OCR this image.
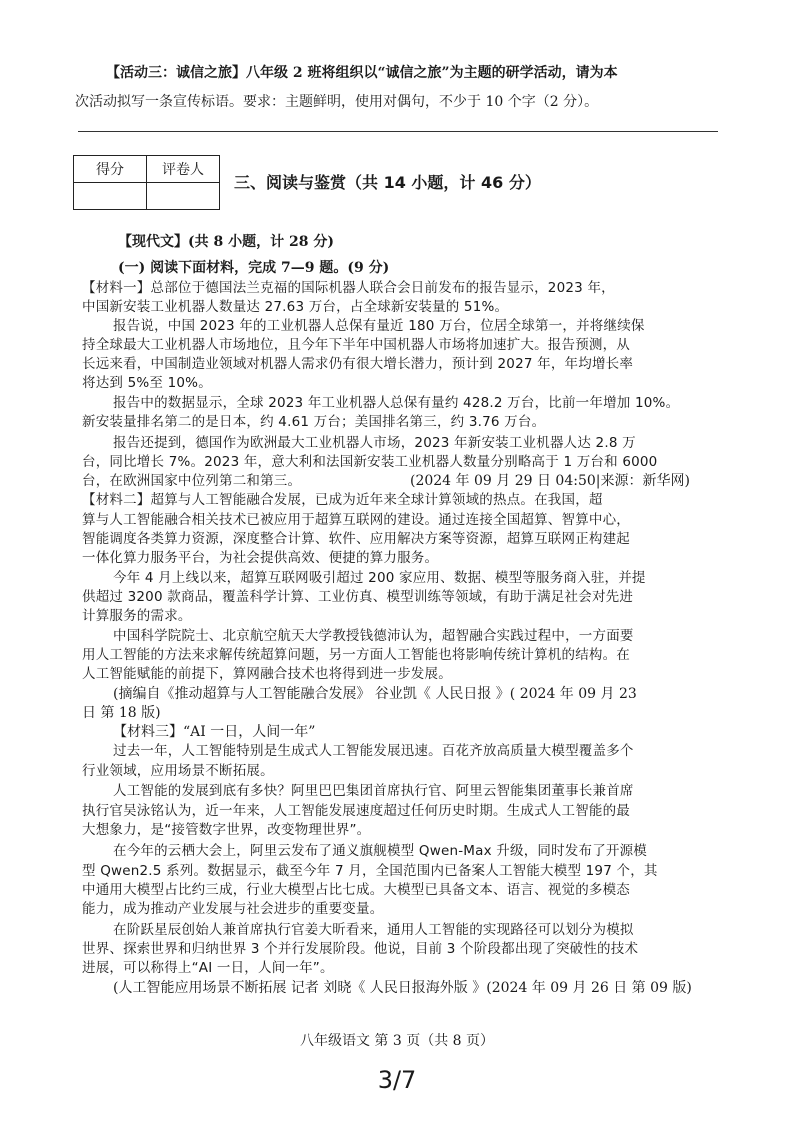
【活动三：诚信之旅】八年级 2 班将组织以“诚信之旅”为主题的研学活动，请为本
次活动拟写一条宣传标语。要求：主题鲜明，使用对偶句，不少于 10 个字（2 分）。
得分	评卷人

三、阅读与鉴赏（共 14 小题，计 46 分）
【现代文】(共 8 小题，计 28 分)
(一) 阅读下面材料，完成 7—9 题。(9 分)
【材料一】总部位于德国法兰克福的国际机器人联合会日前发布的报告显示，2023 年，
中国新安装工业机器人数量达 27.63 万台，占全球新安装量的 51%。
报告说，中国 2023 年的工业机器人总保有量近 180 万台，位居全球第一，并将继续保
持全球最大工业机器人市场地位，且今年下半年中国机器人市场将加速扩大。报告预测，从
长远来看，中国制造业领域对机器人需求仍有很大增长潜力，预计到 2027 年，年均增长率
将达到 5%至 10%。
报告中的数据显示，全球 2023 年工业机器人总保有量约 428.2 万台，比前一年增加 10%。
新安装量排名第二的是日本，约 4.61 万台；美国排名第三，约 3.76 万台。
报告还提到，德国作为欧洲最大工业机器人市场，2023 年新安装工业机器人达 2.8 万
台，同比增长 7%。2023 年，意大利和法国新安装工业机器人数量分别略高于 1 万台和 6000
台，在欧洲国家中位列第二和第三。	(2024 年 09 月 29 日 04:50|来源：新华网)
【材料二】超算与人工智能融合发展，已成为近年来全球计算领域的热点。在我国，超
算与人工智能融合相关技术已被应用于超算互联网的建设。通过连接全国超算、智算中心，
智能调度各类算力资源，深度整合计算、软件、应用解决方案等资源，超算互联网正构建起
一体化算力服务平台，为社会提供高效、便捷的算力服务。
今年 4 月上线以来，超算互联网吸引超过 200 家应用、数据、模型等服务商入驻，并提
供超过 3200 款商品，覆盖科学计算、工业仿真、模型训练等领域，有助于满足社会对先进
计算服务的需求。
中国科学院院士、北京航空航天大学教授钱德沛认为，超智融合实践过程中，一方面要
用人工智能的方法来求解传统超算问题，另一方面人工智能也将影响传统计算机的结构。在
人工智能赋能的前提下，算网融合技术也将得到进一步发展。
(摘编自《推动超算与人工智能融合发展》 谷业凯《 人民日报 》( 2024 年 09 月 23
日 第 18 版)
【材料三】“AI 一日，人间一年”
过去一年，人工智能特别是生成式人工智能发展迅速。百花齐放高质量大模型覆盖多个
行业领域，应用场景不断拓展。
人工智能的发展到底有多快？阿里巴巴集团首席执行官、阿里云智能集团董事长兼首席
执行官吴泳铭认为，近一年来，人工智能发展速度超过任何历史时期。生成式人工智能的最
大想象力，是“接管数字世界，改变物理世界”。
在今年的云栖大会上，阿里云发布了通义旗舰模型 Qwen-Max 升级，同时发布了开源模
型 Qwen2.5 系列。数据显示，截至今年 7 月，全国范围内已备案人工智能大模型 197 个，其
中通用大模型占比约三成，行业大模型占比七成。大模型已具备文本、语言、视觉的多模态
能力，成为推动产业发展与社会进步的重要变量。
在阶跃星辰创始人兼首席执行官姜大昕看来，通用人工智能的实现路径可以划分为模拟
世界、探索世界和归纳世界 3 个并行发展阶段。他说，目前 3 个阶段都出现了突破性的技术
进展，可以称得上“AI 一日，人间一年”。
(人工智能应用场景不断拓展 记者 刘晓《 人民日报海外版 》(2024 年 09 月 26 日 第 09 版)
八年级语文 第 3 页（共 8 页）
3/7
